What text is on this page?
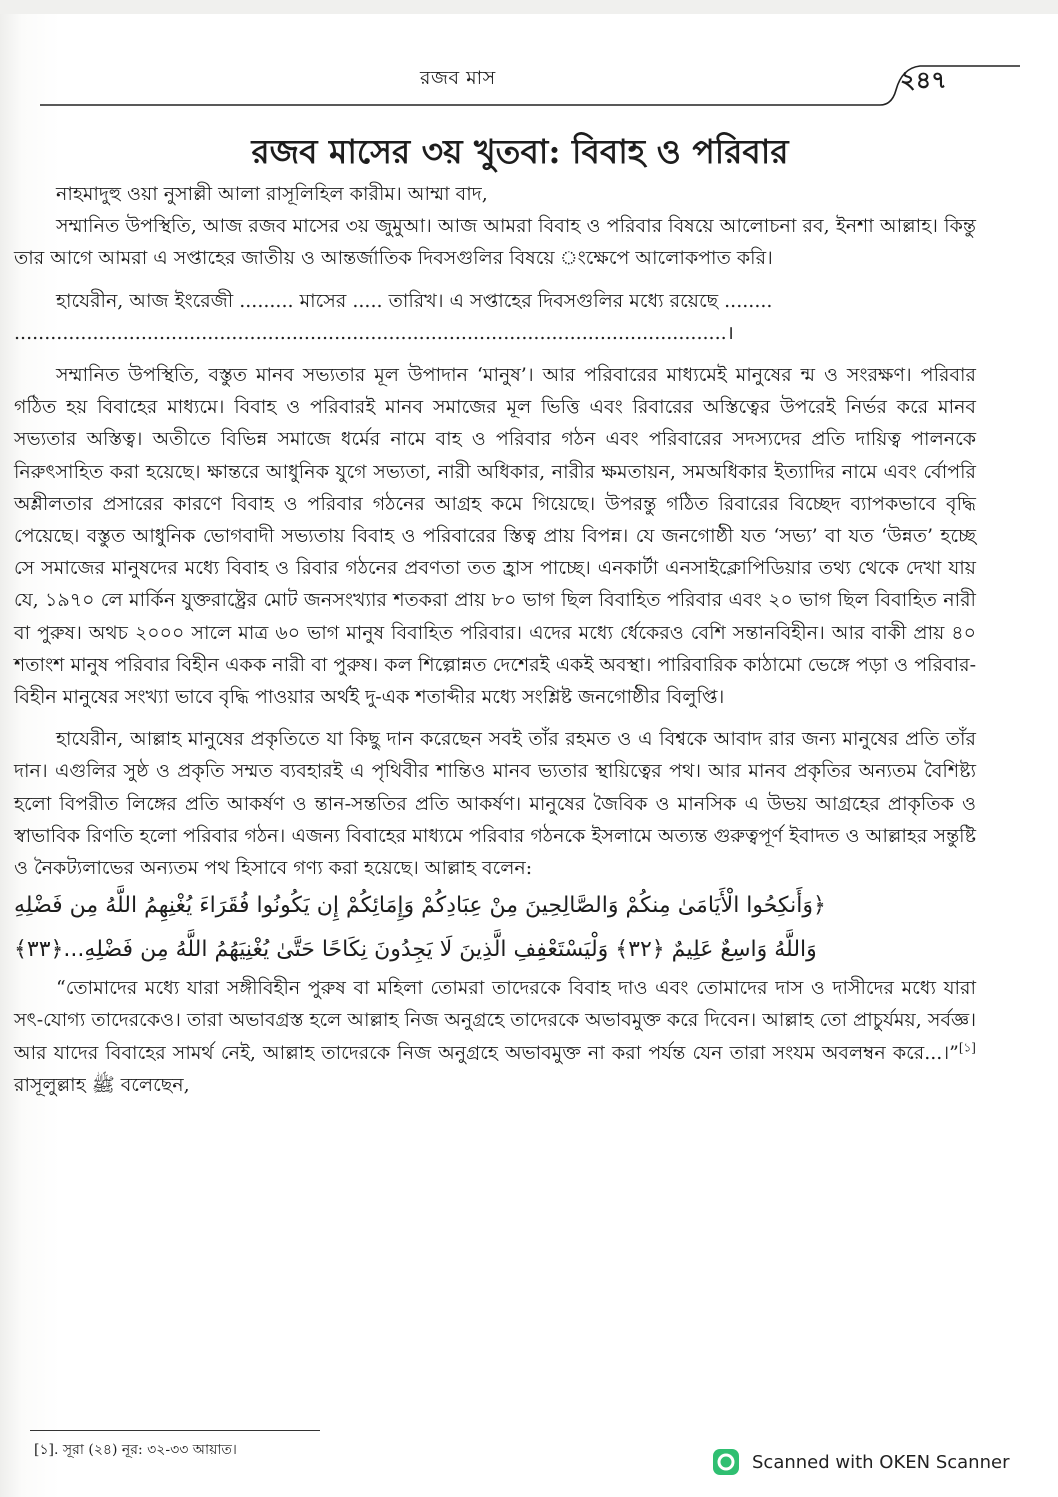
রজব মাস	২৪৭
রজব মাসের ৩য় খুতবা: বিবাহ ও পরিবার

নাহমাদুহু ওয়া নুসাল্লী আলা রাসূলিহিল কারীম। আম্মা বাদ,

সম্মানিত উপস্থিতি, আজ রজব মাসের ৩য় জুমুআ। আজ আমরা বিবাহ ও পরিবার বিষয়ে আলোচনা রব, ইনশা আল্লাহ। কিন্তু তার আগে আমরা এ সপ্তাহের জাতীয় ও আন্তর্জাতিক দিবসগুলির বিষয়ে ংক্ষেপে আলোকপাত করি।

হাযেরীন, আজ ইংরেজী ......... মাসের ..... তারিখ। এ সপ্তাহের দিবসগুলির মধ্যে রয়েছে ........

......................................................................................................................।

সম্মানিত উপস্থিতি, বস্তুত মানব সভ্যতার মূল উপাদান ‘মানুষ’। আর পরিবারের মাধ্যমেই মানুষের ন্ম ও সংরক্ষণ। পরিবার গঠিত হয় বিবাহের মাধ্যমে। বিবাহ ও পরিবারই মানব সমাজের মূল ভিত্তি এবং রিবারের অস্তিত্বের উপরেই নির্ভর করে মানব সভ্যতার অস্তিত্ব। অতীতে বিভিন্ন সমাজে ধর্মের নামে বাহ ও পরিবার গঠন এবং পরিবারের সদস্যদের প্রতি দায়িত্ব পালনকে নিরুৎসাহিত করা হয়েছে। ক্ষান্তরে আধুনিক যুগে সভ্যতা, নারী অধিকার, নারীর ক্ষমতায়ন, সমঅধিকার ইত্যাদির নামে এবং র্বোপরি অশ্লীলতার প্রসারের কারণে বিবাহ ও পরিবার গঠনের আগ্রহ কমে গিয়েছে। উপরন্তু গঠিত রিবারের বিচ্ছেদ ব্যাপকভাবে বৃদ্ধি পেয়েছে। বস্তুত আধুনিক ভোগবাদী সভ্যতায় বিবাহ ও পরিবারের স্তিত্ব প্রায় বিপন্ন। যে জনগোষ্ঠী যত ‘সভ্য’ বা যত ‘উন্নত’ হচ্ছে সে সমাজের মানুষদের মধ্যে বিবাহ ও রিবার গঠনের প্রবণতা তত হ্রাস পাচ্ছে। এনকার্টা এনসাইক্লোপিডিয়ার তথ্য থেকে দেখা যায় যে, ১৯৭০ লে মার্কিন যুক্তরাষ্ট্রের মোট জনসংখ্যার শতকরা প্রায় ৮০ ভাগ ছিল বিবাহিত পরিবার এবং ২০ ভাগ ছিল বিবাহিত নারী বা পুরুষ। অথচ ২০০০ সালে মাত্র ৬০ ভাগ মানুষ বিবাহিত পরিবার। এদের মধ্যে র্ধেকেরও বেশি সন্তানবিহীন। আর বাকী প্রায় ৪০ শতাংশ মানুষ পরিবার বিহীন একক নারী বা পুরুষ। কল শিল্পোন্নত দেশেরই একই অবস্থা। পারিবারিক কাঠামো ভেঙ্গে পড়া ও পরিবার-বিহীন মানুষের সংখ্যা ভাবে বৃদ্ধি পাওয়ার অর্থই দু-এক শতাব্দীর মধ্যে সংশ্লিষ্ট জনগোষ্ঠীর বিলুপ্তি।

হাযেরীন, আল্লাহ মানুষের প্রকৃতিতে যা কিছু দান করেছেন সবই তাঁর রহমত ও এ বিশ্বকে আবাদ রার জন্য মানুষের প্রতি তাঁর দান। এগুলির সুষ্ঠ ও প্রকৃতি সম্মত ব্যবহারই এ পৃথিবীর শান্তিও মানব ভ্যতার স্থায়িত্বের পথ। আর মানব প্রকৃতির অন্যতম বৈশিষ্ট্য হলো বিপরীত লিঙ্গের প্রতি আকর্ষণ ও ন্তান-সন্ততির প্রতি আকর্ষণ। মানুষের জৈবিক ও মানসিক এ উভয় আগ্রহের প্রাকৃতিক ও স্বাভাবিক রিণতি হলো পরিবার গঠন। এজন্য বিবাহের মাধ্যমে পরিবার গঠনকে ইসলামে অত্যন্ত গুরুত্বপূর্ণ ইবাদত ও আল্লাহর সন্তুষ্টি ও নৈকট্যলাভের অন্যতম পথ হিসাবে গণ্য করা হয়েছে। আল্লাহ বলেন:

﴿وَأَنكِحُوا الْأَيَامَىٰ مِنكُمْ وَالصَّالِحِينَ مِنْ عِبَادِكُمْ وَإِمَائِكُمْ إِن يَكُونُوا فُقَرَاءَ يُغْنِهِمُ اللَّهُ مِن فَضْلِهِ

وَاللَّهُ وَاسِعٌ عَلِيمٌ ﴿٣٢﴾ وَلْيَسْتَعْفِفِ الَّذِينَ لَا يَجِدُونَ نِكَاحًا حَتَّىٰ يُغْنِيَهُمُ اللَّهُ مِن فَضْلِهِ...﴿٣٣﴾

“তোমাদের মধ্যে যারা সঙ্গীবিহীন পুরুষ বা মহিলা তোমরা তাদেরকে বিবাহ দাও এবং তোমাদের দাস ও দাসীদের মধ্যে যারা সৎ-যোগ্য তাদেরকেও। তারা অভাবগ্রস্ত হলে আল্লাহ নিজ অনুগ্রহে তাদেরকে অভাবমুক্ত করে দিবেন। আল্লাহ তো প্রাচুর্যময়, সর্বজ্ঞ। আর যাদের বিবাহের সামর্থ নেই, আল্লাহ তাদেরকে নিজ অনুগ্রহে অভাবমুক্ত না করা পর্যন্ত যেন তারা সংযম অবলম্বন করে...।”[১] রাসূলুল্লাহ ﷺ বলেছেন,

[১]. সূরা (২৪) নূর: ৩২-৩৩ আয়াত।
Scanned with OKEN Scanner
